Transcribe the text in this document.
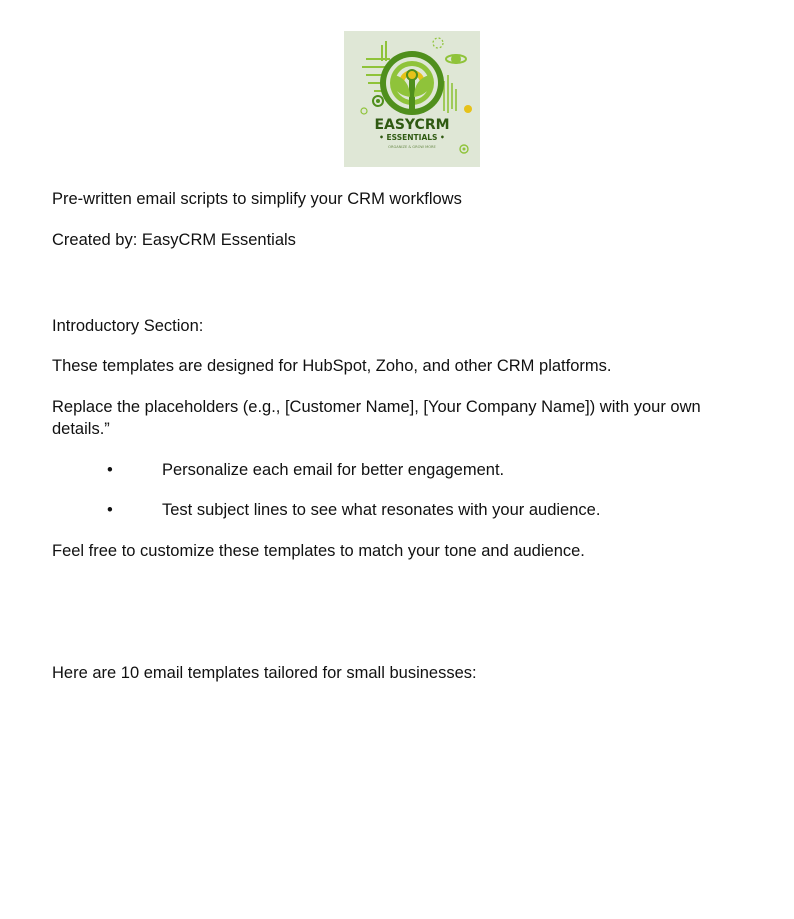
EASYCRM
• ESSENTIALS •
ORGANIZE & GROW MORE

Pre-written email scripts to simplify your CRM workflows

Created by: EasyCRM Essentials

Introductory Section:

These templates are designed for HubSpot, Zoho, and other CRM platforms.

Replace the placeholders (e.g., [Customer Name], [Your Company Name]) with your own details.”

•	Personalize each email for better engagement.
•	Test subject lines to see what resonates with your audience.

Feel free to customize these templates to match your tone and audience.

Here are 10 email templates tailored for small businesses:
